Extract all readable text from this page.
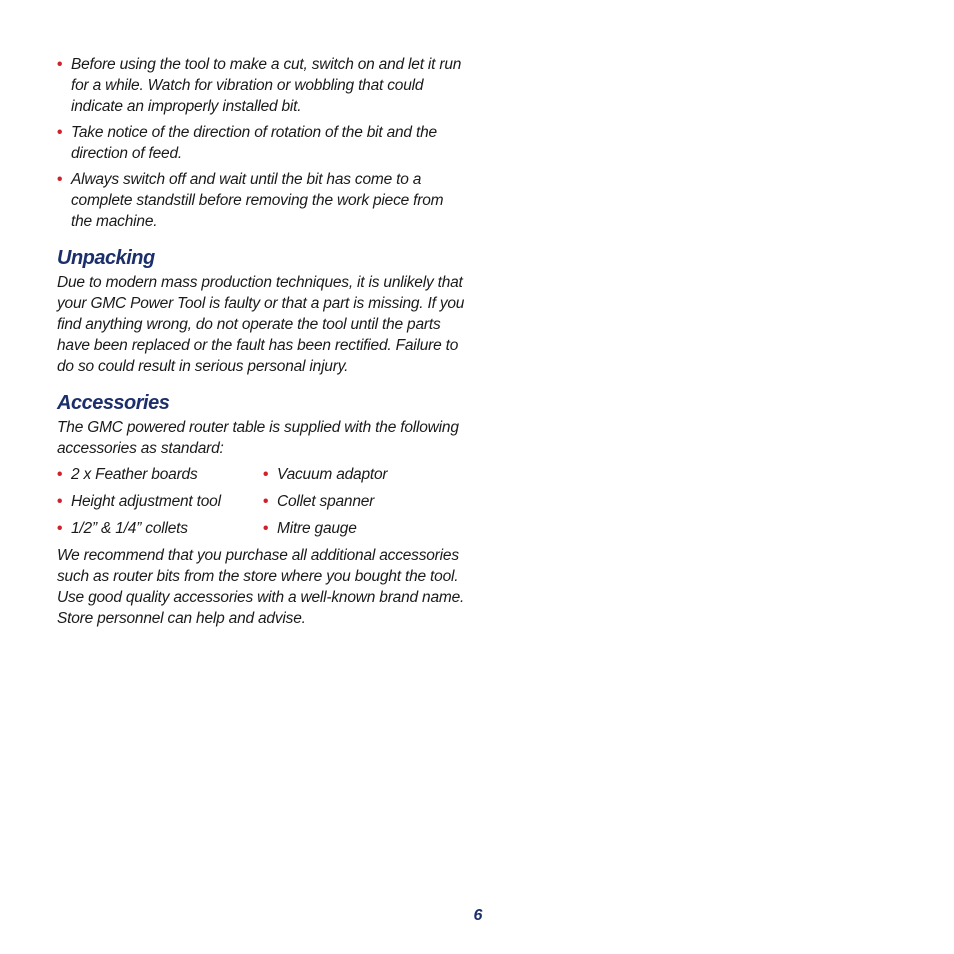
• Before using the tool to make a cut, switch on and let it run for a while. Watch for vibration or wobbling that could indicate an improperly installed bit.
• Take notice of the direction of rotation of the bit and the direction of feed.
• Always switch off and wait until the bit has come to a complete standstill before removing the work piece from the machine.
Unpacking

Due to modern mass production techniques, it is unlikely that your GMC Power Tool is faulty or that a part is missing. If you find anything wrong, do not operate the tool until the parts have been replaced or the fault has been rectified. Failure to do so could result in serious personal injury.

Accessories

The GMC powered router table is supplied with the following accessories as standard:

• 2 x Feather boards	• Vacuum adaptor
• Height adjustment tool	• Collet spanner
• 1/2” & 1/4” collets	• Mitre gauge

We recommend that you purchase all additional accessories such as router bits from the store where you bought the tool. Use good quality accessories with a well-known brand name. Store personnel can help and advise.

6
